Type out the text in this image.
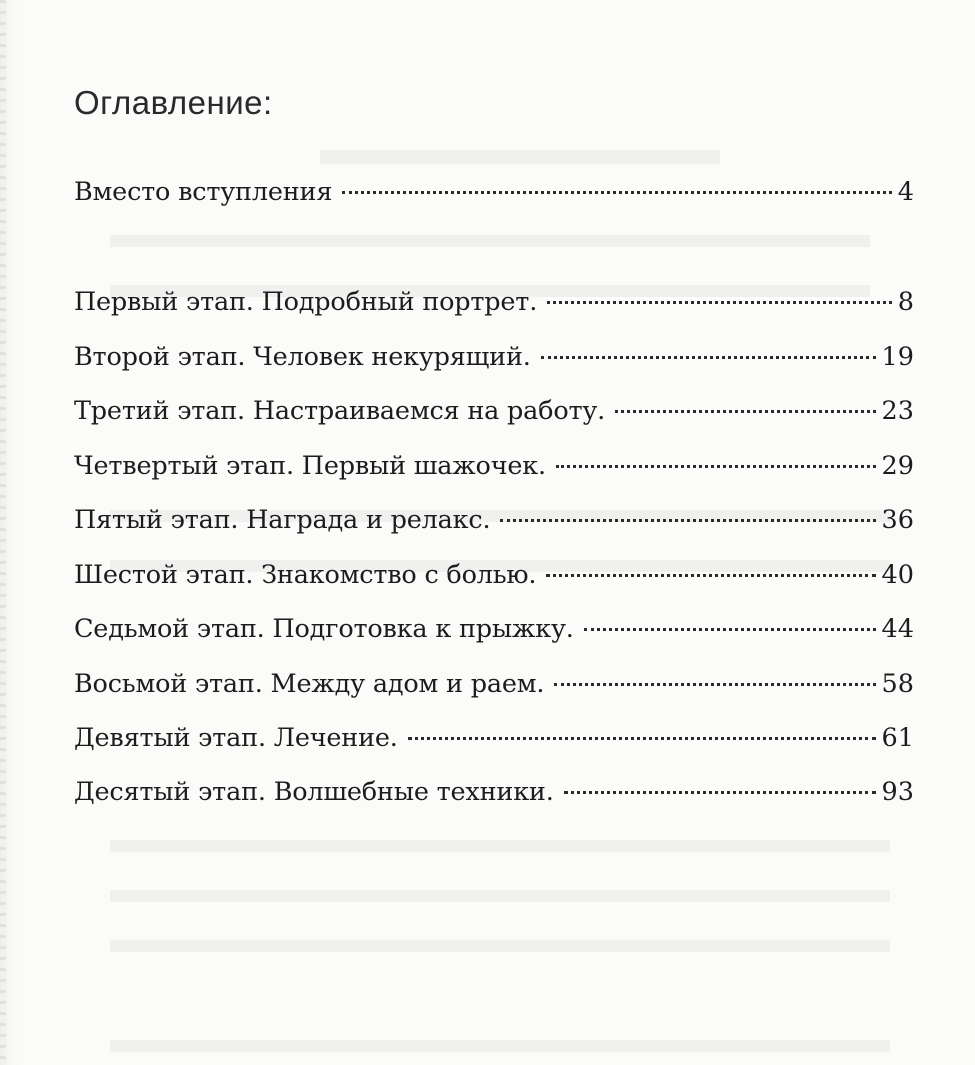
Оглавление:
Вместо вступления	4
Первый этап. Подробный портрет.	8
Второй этап. Человек некурящий.	19
Третий этап. Настраиваемся на работу.	23
Четвертый этап. Первый шажочек.	29
Пятый этап. Награда и релакс.	36
Шестой этап. Знакомство с болью.	40
Седьмой этап. Подготовка к прыжку.	44
Восьмой этап. Между адом и раем.	58
Девятый этап. Лечение.	61
Десятый этап. Волшебные техники.	93
